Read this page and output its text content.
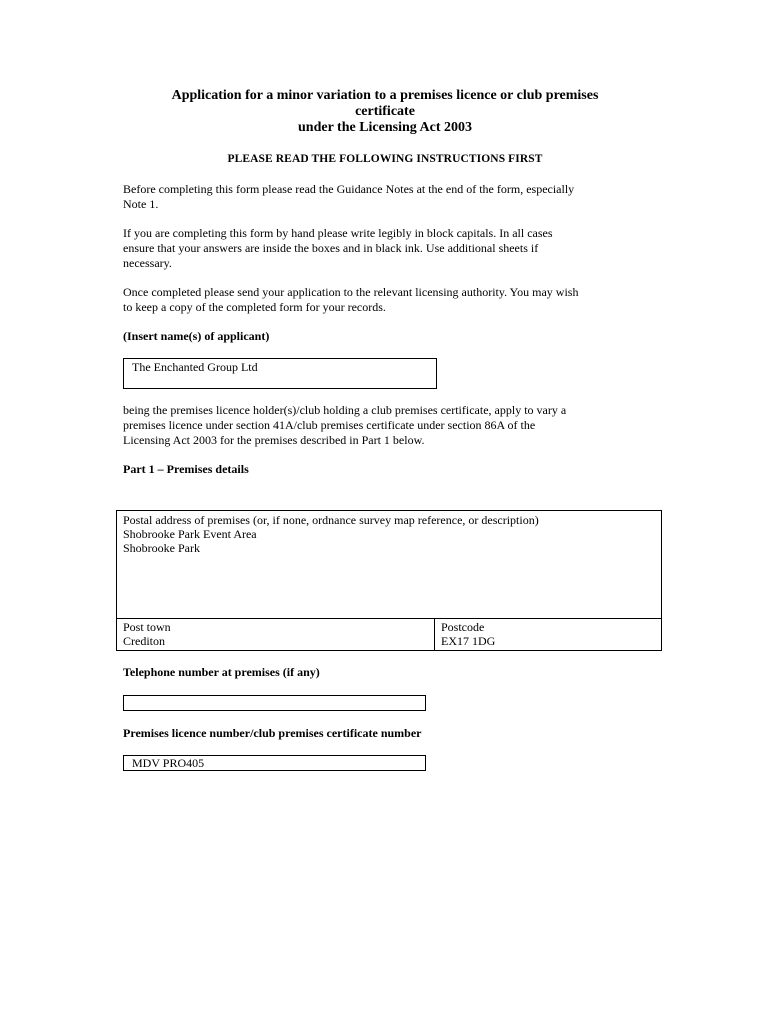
Application for a minor variation to a premises licence or club premises
certificate
under the Licensing Act 2003
PLEASE READ THE FOLLOWING INSTRUCTIONS FIRST
Before completing this form please read the Guidance Notes at the end of the form, especially
Note 1.
If you are completing this form by hand please write legibly in block capitals. In all cases
ensure that your answers are inside the boxes and in black ink. Use additional sheets if
necessary.
Once completed please send your application to the relevant licensing authority. You may wish
to keep a copy of the completed form for your records.
(Insert name(s) of applicant)
The Enchanted Group Ltd
being the premises licence holder(s)/club holding a club premises certificate, apply to vary a
premises licence under section 41A/club premises certificate under section 86A of the
Licensing Act 2003 for the premises described in Part 1 below.
Part 1 – Premises details
Postal address of premises (or, if none, ordnance survey map reference, or description)
Shobrooke Park Event Area
Shobrooke Park
Post town
Crediton
Postcode
EX17 1DG
Telephone number at premises (if any)
Premises licence number/club premises certificate number
MDV PRO405
